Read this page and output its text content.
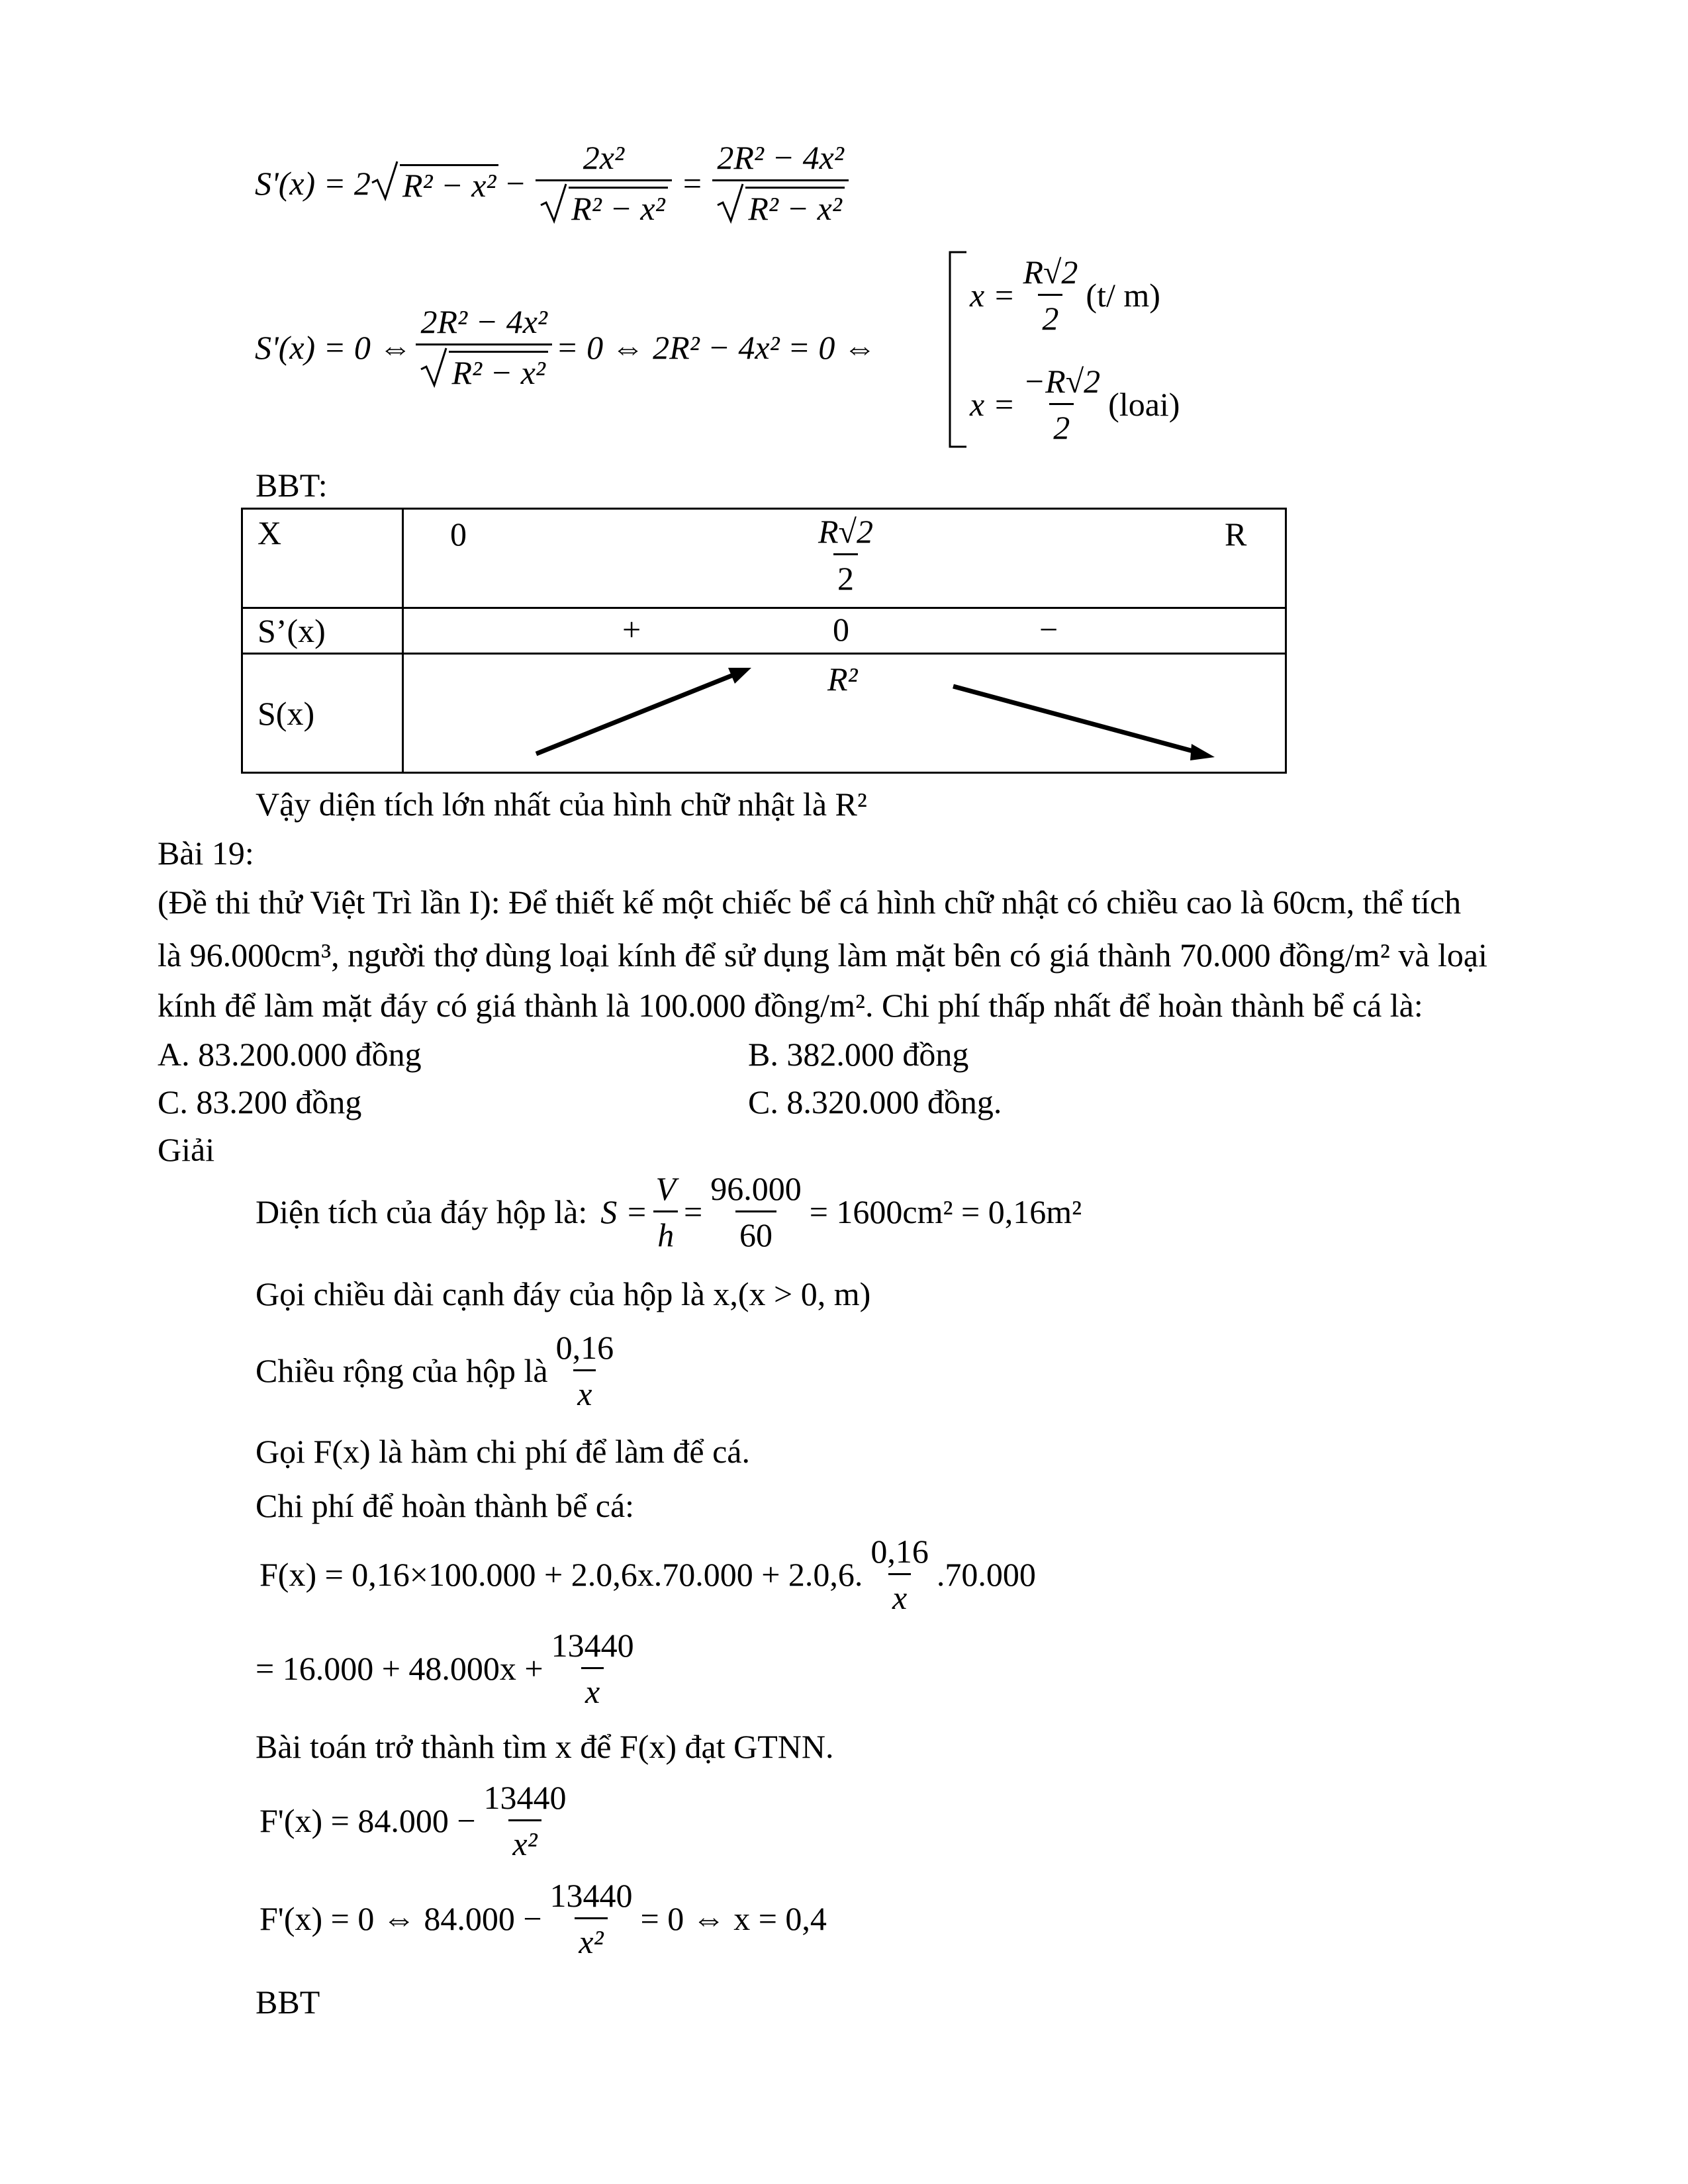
S'(x) = 2 $R^2 - x^2 - \frac{\text{2x²}}{\text{R² − x²}} = \frac{\text{2R² − 4x²}}{\text{R² − x²}}$
S'(x) = 0 ⇔ $\frac{\text{2R² − 4x²}}{\text{R² − x²}} = 0$ ⇔ 2R² − 4x² = 0 ⇔
$x = \frac{R√2}{2} (t/$ m)
$x = \frac{-R√2}{2}$ (loai)
BBT:
X	$0 \frac{R√2}{2}$ R

S’(x)	+ 0 −

S(x)	R²
Vậy diện tích lớn nhất của hình chữ nhật là R²
Bài 19:
(Đề thi thử Việt Trì lần I): Để thiết kế một chiếc bể cá hình chữ nhật có chiều cao là 60cm, thể tích
là 96.000cm³, người thợ dùng loại kính để sử dụng làm mặt bên có giá thành 70.000 đồng/m² và loại
kính để làm mặt đáy có giá thành là 100.000 đồng/m². Chi phí thấp nhất để hoàn thành bể cá là:
A. 83.200.000 đồng	B. 382.000 đồng
C. 83.200 đồng	C. 8.320.000 đồng.
Giải
Diện tích của đáy hộp là: $S = \frac{V}{h} = \frac{96.000}{60} = 1600cm^2 = 0,16m^2$
Gọi chiều dài cạnh đáy của hộp là x,(x > 0, m)
Chiều rộng của hộp là $\frac{0,16}{x}$
Gọi F(x) là hàm chi phí để làm để cá.
Chi phí để hoàn thành bể cá:
F(x) = 0,16×100.000 + 2.0,6x.70.000 + 2.0,6. $\frac{0,16}{x} .70.000$
= $16.000 + 48.000x + \frac{13440}{x}$
Bài toán trở thành tìm x để F(x) đạt GTNN.
$F'(x) = 84.000 - \frac{13440}{\text{x²}}$
F'(x) = 0 ⇔ $84.000 - \frac{13440}{\text{x²}} = 0$ ⇔ x = 0,4
BBT
